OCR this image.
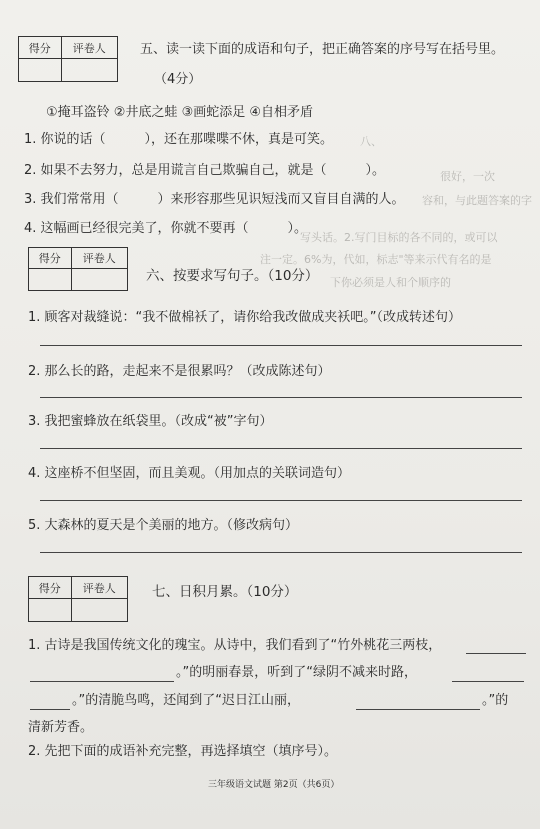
八、
很好，一次
容和，与此题答案的字
写头话。2.写门目标的各不同的，或可以
注一定。6%为，代如，标志"等来示代有名的是
下你必须是人和个顺序的
得分	评卷人	五、读一读下面的成语和句子，把正确答案的序号写在括号里。
（4分）
①掩耳盗铃 ②井底之蛙 ③画蛇添足 ④自相矛盾
1. 你说的话（　　　），还在那喋喋不休，真是可笑。
2. 如果不去努力，总是用谎言自己欺骗自己，就是（　　　）。
3. 我们常常用（　　　）来形容那些见识短浅而又盲目自满的人。
4. 这幅画已经很完美了，你就不要再（　　　）。
得分	评卷人
六、按要求写句子。（10分）
1. 顾客对裁缝说：“我不做棉袄了，请你给我改做成夹袄吧。”（改成转述句）
2. 那么长的路，走起来不是很累吗？（改成陈述句）
3. 我把蜜蜂放在纸袋里。（改成“被”字句）
4. 这座桥不但坚固，而且美观。（用加点的关联词造句）
5. 大森林的夏天是个美丽的地方。（修改病句）
得分	评卷人	七、日积月累。（10分）
1. 古诗是我国传统文化的瑰宝。从诗中，我们看到了“竹外桃花三两枝，
。”的明丽春景，听到了“绿阴不减来时路，
。”的清脆鸟鸣，还闻到了“迟日江山丽，	。”的
清新芳香。
2. 先把下面的成语补充完整，再选择填空（填序号）。
三年级语文试题 第2页（共6页）
